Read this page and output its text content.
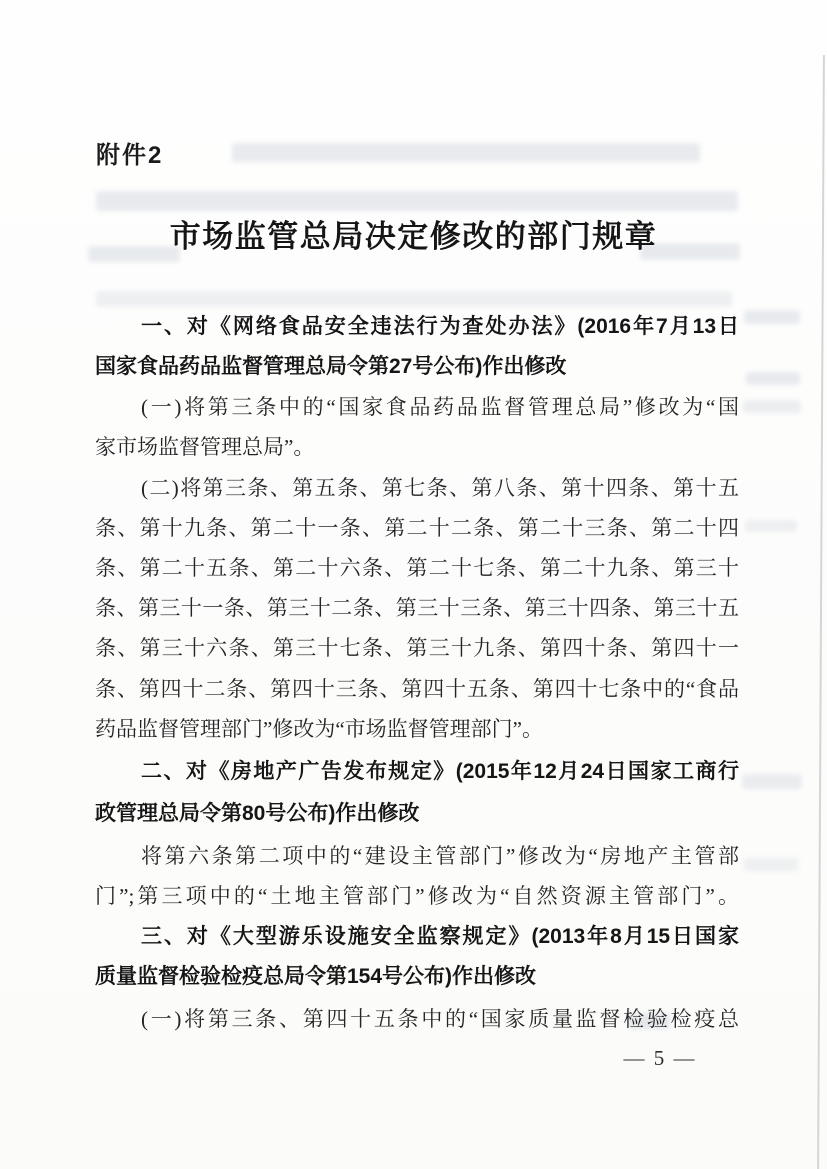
附件2
市场监管总局决定修改的部门规章
一、对《网络食品安全违法行为查处办法》(2016年7月13日
国家食品药品监督管理总局令第27号公布)作出修改
(一)将第三条中的“国家食品药品监督管理总局”修改为“国
家市场监督管理总局”。
(二)将第三条、第五条、第七条、第八条、第十四条、第十五
条、第十九条、第二十一条、第二十二条、第二十三条、第二十四
条、第二十五条、第二十六条、第二十七条、第二十九条、第三十
条、第三十一条、第三十二条、第三十三条、第三十四条、第三十五
条、第三十六条、第三十七条、第三十九条、第四十条、第四十一
条、第四十二条、第四十三条、第四十五条、第四十七条中的“食品
药品监督管理部门”修改为“市场监督管理部门”。
二、对《房地产广告发布规定》(2015年12月24日国家工商行
政管理总局令第80号公布)作出修改
将第六条第二项中的“建设主管部门”修改为“房地产主管部
门”;第三项中的“土地主管部门”修改为“自然资源主管部门”。
三、对《大型游乐设施安全监察规定》(2013年8月15日国家
质量监督检验检疫总局令第154号公布)作出修改
(一)将第三条、第四十五条中的“国家质量监督检验检疫总
— 5 —
